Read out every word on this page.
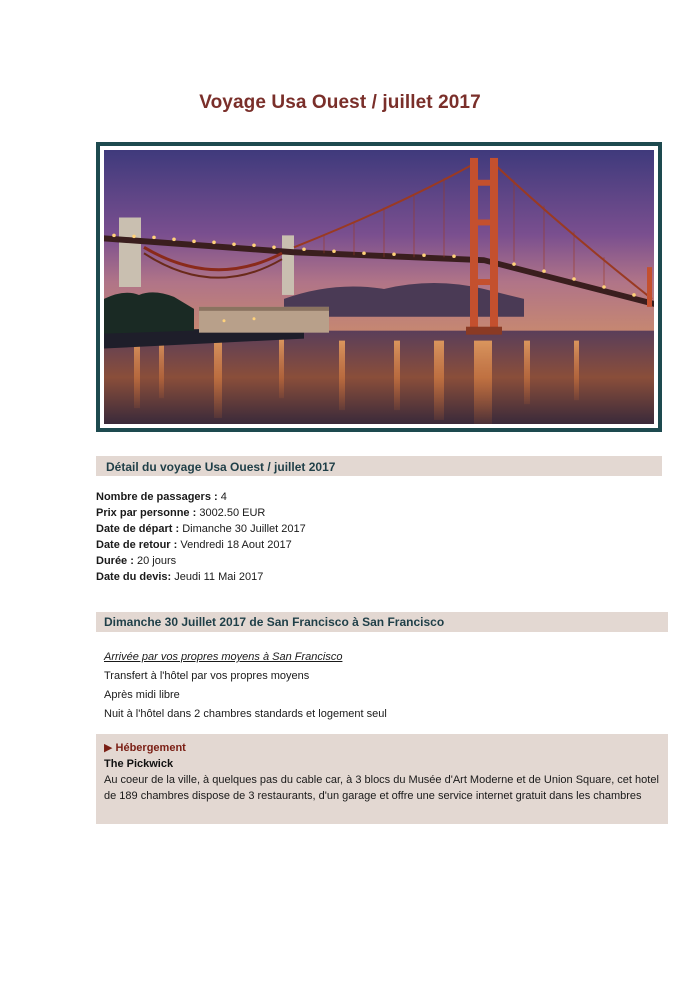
Voyage Usa Ouest / juillet 2017
Détail du voyage Usa Ouest / juillet 2017
Nombre de passagers : 4
Prix par personne : 3002.50 EUR
Date de départ : Dimanche 30 Juillet 2017
Date de retour : Vendredi 18 Aout 2017
Durée : 20 jours
Date du devis: Jeudi 11 Mai 2017
Dimanche 30 Juillet 2017 de San Francisco à San Francisco
Arrivée par vos propres moyens à San Francisco
Transfert à l'hôtel par vos propres moyens
Après midi libre
Nuit à l'hôtel dans 2 chambres standards et logement seul
▶ Hébergement
The Pickwick
Au coeur de la ville, à quelques pas du cable car, à 3 blocs du Musée d'Art Moderne et de Union Square, cet hotel de 189 chambres dispose de 3 restaurants, d'un garage et offre une service internet gratuit dans les chambres
